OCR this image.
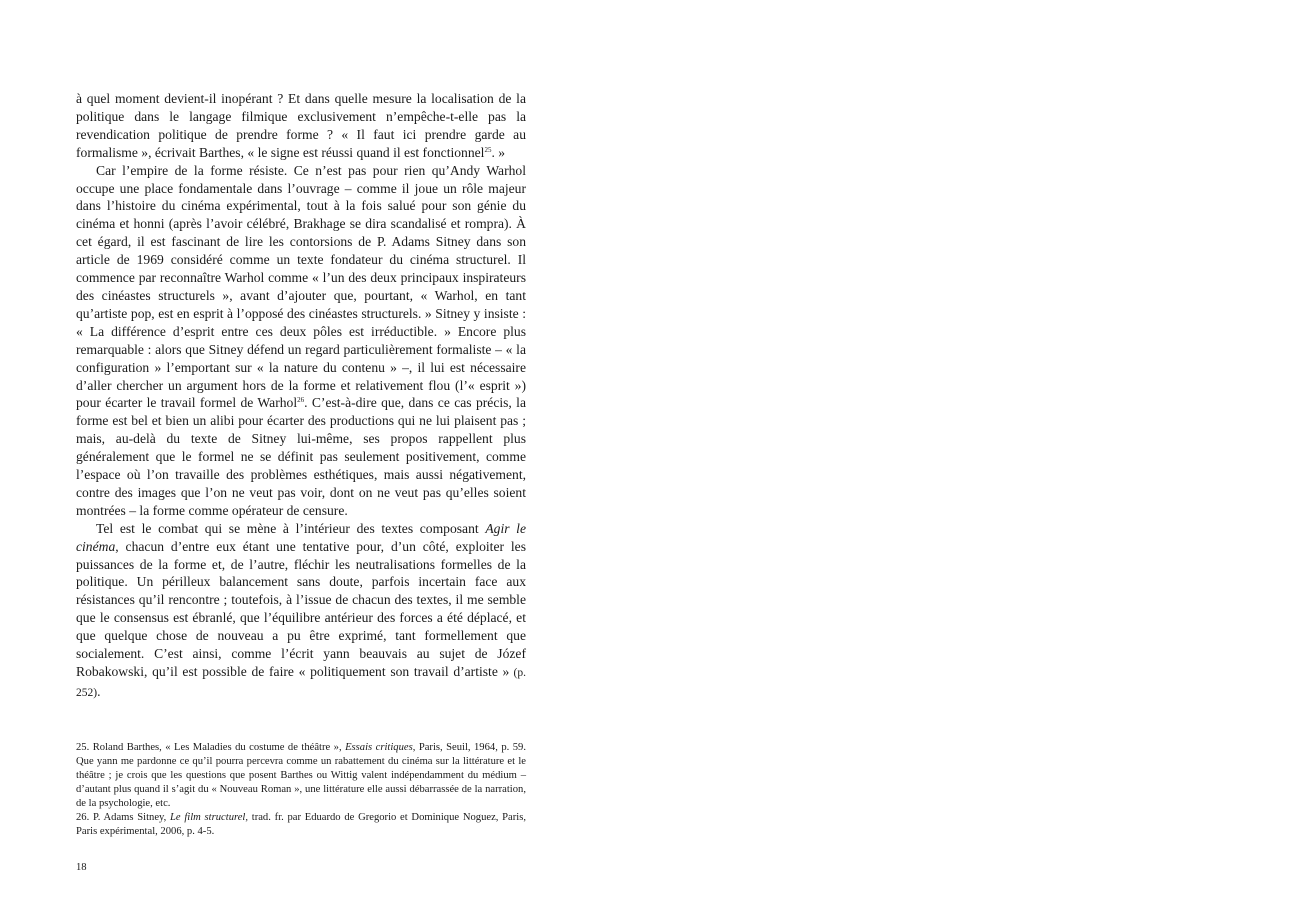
à quel moment devient-il inopérant ? Et dans quelle mesure la localisation de la politique dans le langage filmique exclusivement n’empêche-t-elle pas la revendication politique de prendre forme ? « Il faut ici prendre garde au formalisme », écrivait Barthes, « le signe est réussi quand il est fonctionnel$^{25}$. »

Car l’empire de la forme résiste. Ce n’est pas pour rien qu’Andy Warhol occupe une place fondamentale dans l’ouvrage – comme il joue un rôle majeur dans l’histoire du cinéma expérimental, tout à la fois salué pour son génie du cinéma et honni (après l’avoir célébré, Brakhage se dira scandalisé et rompra). À cet égard, il est fascinant de lire les contorsions de P. Adams Sitney dans son article de 1969 considéré comme un texte fondateur du cinéma structurel. Il commence par reconnaître Warhol comme « l’un des deux principaux inspirateurs des cinéastes structurels », avant d’ajouter que, pourtant, « Warhol, en tant qu’artiste pop, est en esprit à l’opposé des cinéastes structurels. » Sitney y insiste : « La différence d’esprit entre ces deux pôles est irréductible. » Encore plus remarquable : alors que Sitney défend un regard particulièrement formaliste – « la configuration » l’emportant sur « la nature du contenu » –, il lui est nécessaire d’aller chercher un argument hors de la forme et relativement flou (l’« esprit ») pour écarter le travail formel de Warhol$^{26}$. C’est-à-dire que, dans ce cas précis, la forme est bel et bien un alibi pour écarter des productions qui ne lui plaisent pas ; mais, au-delà du texte de Sitney lui-même, ses propos rappellent plus généralement que le formel ne se définit pas seulement positivement, comme l’espace où l’on travaille des problèmes esthétiques, mais aussi négativement, contre des images que l’on ne veut pas voir, dont on ne veut pas qu’elles soient montrées – la forme comme opérateur de censure.

Tel est le combat qui se mène à l’intérieur des textes composant Agir le cinéma, chacun d’entre eux étant une tentative pour, d’un côté, exploiter les puissances de la forme et, de l’autre, fléchir les neutralisations formelles de la politique. Un périlleux balancement sans doute, parfois incertain face aux résistances qu’il rencontre ; toutefois, à l’issue de chacun des textes, il me semble que le consensus est ébranlé, que l’équilibre antérieur des forces a été déplacé, et que quelque chose de nouveau a pu être exprimé, tant formellement que socialement. C’est ainsi, comme l’écrit yann beauvais au sujet de Józef Robakowski, qu’il est possible de faire « politiquement son travail d’artiste » (p. 252).

25. Roland Barthes, « Les Maladies du costume de théâtre », Essais critiques, Paris, Seuil, 1964, p. 59. Que yann me pardonne ce qu’il pourra percevra comme un rabattement du cinéma sur la littérature et le théâtre ; je crois que les questions que posent Barthes ou Wittig valent indépendamment du médium – d’autant plus quand il s’agit du « Nouveau Roman », une littérature elle aussi débarrassée de la narration, de la psychologie, etc.

26. P. Adams Sitney, Le film structurel, trad. fr. par Eduardo de Gregorio et Dominique Noguez, Paris, Paris expérimental, 2006, p. 4-5.

18
